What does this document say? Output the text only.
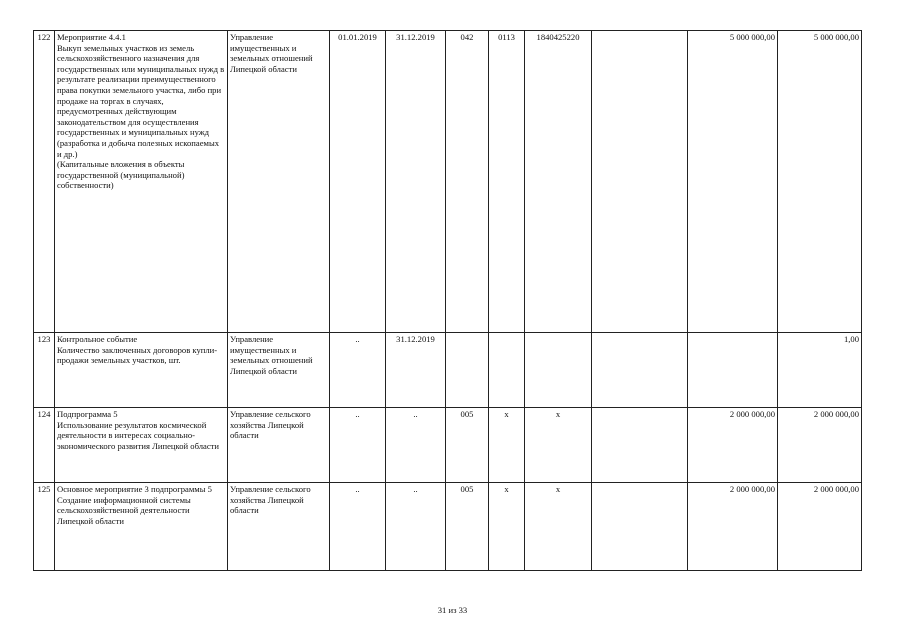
122	Мероприятие 4.4.1
Выкуп земельных участков из земель сельскохозяйственного назначения для государственных или муниципальных нужд в результате реализации преимущественного права покупки земельного участка, либо при продаже на торгах в случаях, предусмотренных действующим законодательством для осуществления государственных и муниципальных нужд (разработка и добыча полезных ископаемых и др.)
(Капитальные вложения в объекты государственной (муниципальной) собственности)	Управление имущественных и земельных отношений Липецкой области	01.01.2019	31.12.2019	042	0113	1840425220		5 000 000,00	5 000 000,00
123	Контрольное событие
Количество заключенных договоров купли-продажи земельных участков, шт.	Управление имущественных и земельных отношений Липецкой области	..	31.12.2019						1,00
124	Подпрограмма 5
Использование результатов космической деятельности в интересах социально-экономического развития Липецкой области	Управление сельского хозяйства Липецкой области	..	..	005	x	x		2 000 000,00	2 000 000,00
125	Основное мероприятие 3 подпрограммы 5
Создание информационной системы сельскохозяйственной деятельности Липецкой области	Управление сельского хозяйства Липецкой области	..	..	005	x	x		2 000 000,00	2 000 000,00
31 из 33
